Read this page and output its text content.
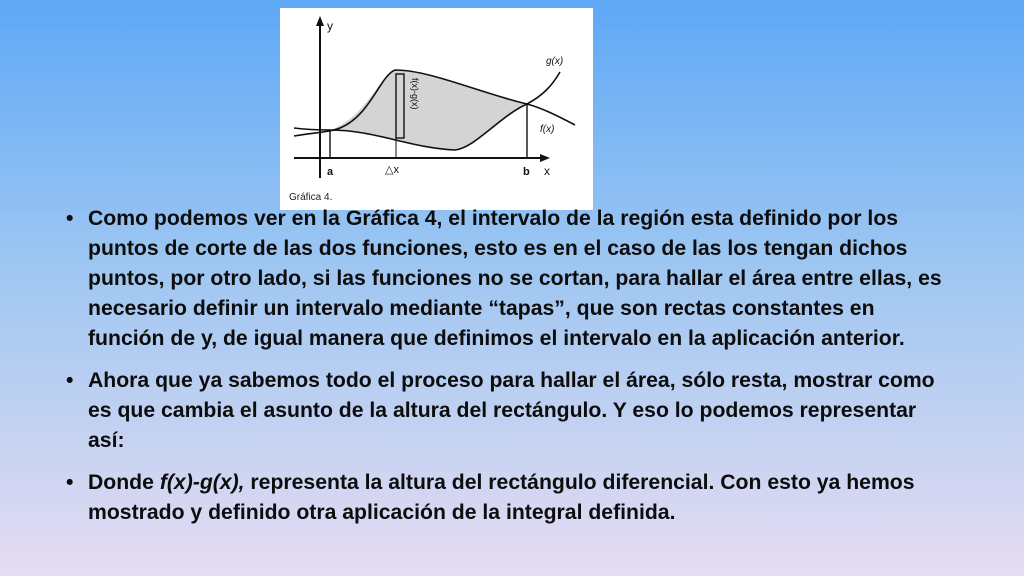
y
x
a	b
△x
g(x)
f(x)
f(x)-g(x)
Gráfica 4.
• Como podemos ver en la Gráfica 4, el intervalo de la región esta definido por los puntos de corte de las dos funciones, esto es en el caso de las los tengan dichos puntos, por otro lado, si las funciones no se cortan, para hallar el área entre ellas, es necesario definir un intervalo mediante “tapas”, que son rectas constantes en función de y, de igual manera que definimos el intervalo en la aplicación anterior.
• Ahora que ya sabemos todo el proceso para hallar el área, sólo resta, mostrar como es que cambia el asunto de la altura del rectángulo. Y eso lo podemos representar así:
• Donde f(x)-g(x), representa la altura del rectángulo diferencial. Con esto ya hemos mostrado y definido otra aplicación de la integral definida.
